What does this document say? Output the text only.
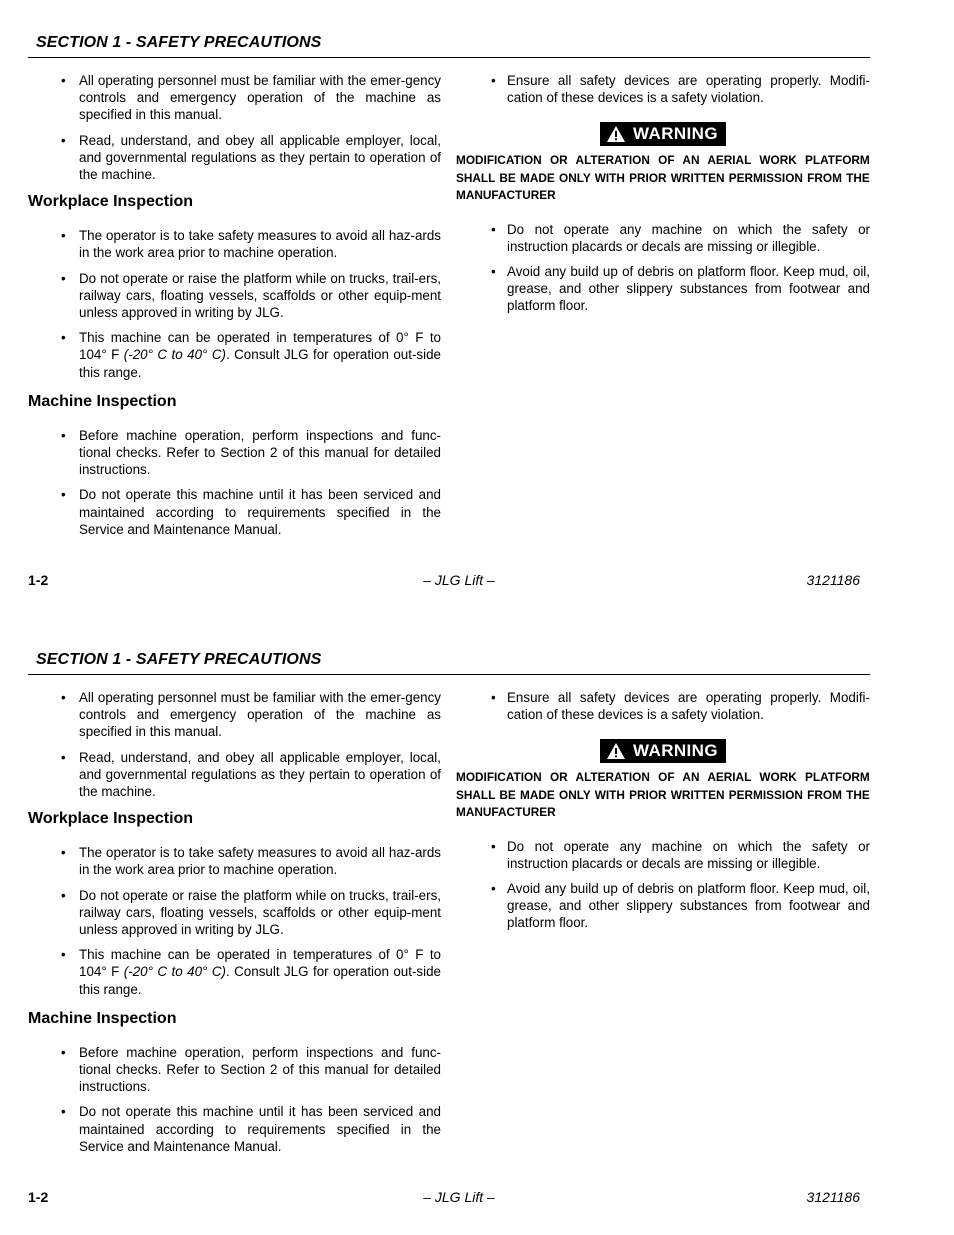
SECTION 1 - SAFETY PRECAUTIONS
• All operating personnel must be familiar with the emer-gency controls and emergency operation of the machine as specified in this manual.
• Read, understand, and obey all applicable employer, local, and governmental regulations as they pertain to operation of the machine.
Workplace Inspection
• The operator is to take safety measures to avoid all haz-ards in the work area prior to machine operation.
• Do not operate or raise the platform while on trucks, trail-ers, railway cars, floating vessels, scaffolds or other equip-ment unless approved in writing by JLG.
• This machine can be operated in temperatures of 0° F to 104° F (-20° C to 40° C). Consult JLG for operation out-side this range.
Machine Inspection
• Before machine operation, perform inspections and func-tional checks. Refer to Section 2 of this manual for detailed instructions.
• Do not operate this machine until it has been serviced and maintained according to requirements specified in the Service and Maintenance Manual.
• Ensure all safety devices are operating properly. Modifi-cation of these devices is a safety violation.
WARNING

MODIFICATION OR ALTERATION OF AN AERIAL WORK PLATFORM SHALL BE MADE ONLY WITH PRIOR WRITTEN PERMISSION FROM THE MANUFACTURER

• Do not operate any machine on which the safety or instruction placards or decals are missing or illegible.
• Avoid any build up of debris on platform floor. Keep mud, oil, grease, and other slippery substances from footwear and platform floor.
1-2	– JLG Lift –	3121186
SECTION 1 - SAFETY PRECAUTIONS
• All operating personnel must be familiar with the emer-gency controls and emergency operation of the machine as specified in this manual.
• Read, understand, and obey all applicable employer, local, and governmental regulations as they pertain to operation of the machine.
Workplace Inspection
• The operator is to take safety measures to avoid all haz-ards in the work area prior to machine operation.
• Do not operate or raise the platform while on trucks, trail-ers, railway cars, floating vessels, scaffolds or other equip-ment unless approved in writing by JLG.
• This machine can be operated in temperatures of 0° F to 104° F (-20° C to 40° C). Consult JLG for operation out-side this range.
Machine Inspection
• Before machine operation, perform inspections and func-tional checks. Refer to Section 2 of this manual for detailed instructions.
• Do not operate this machine until it has been serviced and maintained according to requirements specified in the Service and Maintenance Manual.
• Ensure all safety devices are operating properly. Modifi-cation of these devices is a safety violation.
WARNING

MODIFICATION OR ALTERATION OF AN AERIAL WORK PLATFORM SHALL BE MADE ONLY WITH PRIOR WRITTEN PERMISSION FROM THE MANUFACTURER

• Do not operate any machine on which the safety or instruction placards or decals are missing or illegible.
• Avoid any build up of debris on platform floor. Keep mud, oil, grease, and other slippery substances from footwear and platform floor.
1-2	– JLG Lift –	3121186
